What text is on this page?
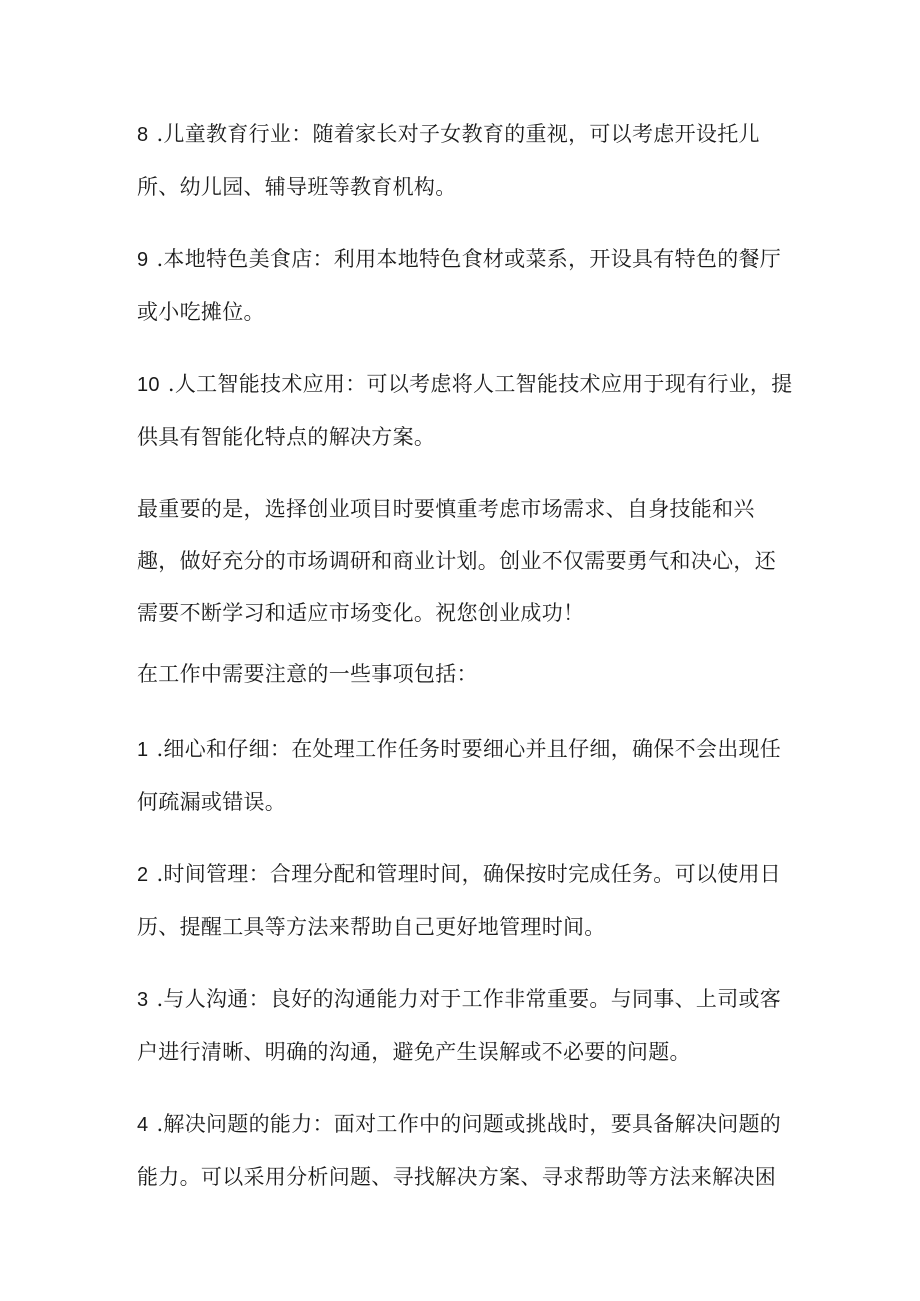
8 .儿童教育行业：随着家长对子女教育的重视，可以考虑开设托儿所、幼儿园、辅导班等教育机构。

9 .本地特色美食店：利用本地特色食材或菜系，开设具有特色的餐厅或小吃摊位。

10 .人工智能技术应用：可以考虑将人工智能技术应用于现有行业，提供具有智能化特点的解决方案。

最重要的是，选择创业项目时要慎重考虑市场需求、自身技能和兴趣，做好充分的市场调研和商业计划。创业不仅需要勇气和决心，还需要不断学习和适应市场变化。祝您创业成功！

在工作中需要注意的一些事项包括：

1 .细心和仔细：在处理工作任务时要细心并且仔细，确保不会出现任何疏漏或错误。

2 .时间管理：合理分配和管理时间，确保按时完成任务。可以使用日历、提醒工具等方法来帮助自己更好地管理时间。

3 .与人沟通：良好的沟通能力对于工作非常重要。与同事、上司或客户进行清晰、明确的沟通，避免产生误解或不必要的问题。

4 .解决问题的能力：面对工作中的问题或挑战时，要具备解决问题的能力。可以采用分析问题、寻找解决方案、寻求帮助等方法来解决困
